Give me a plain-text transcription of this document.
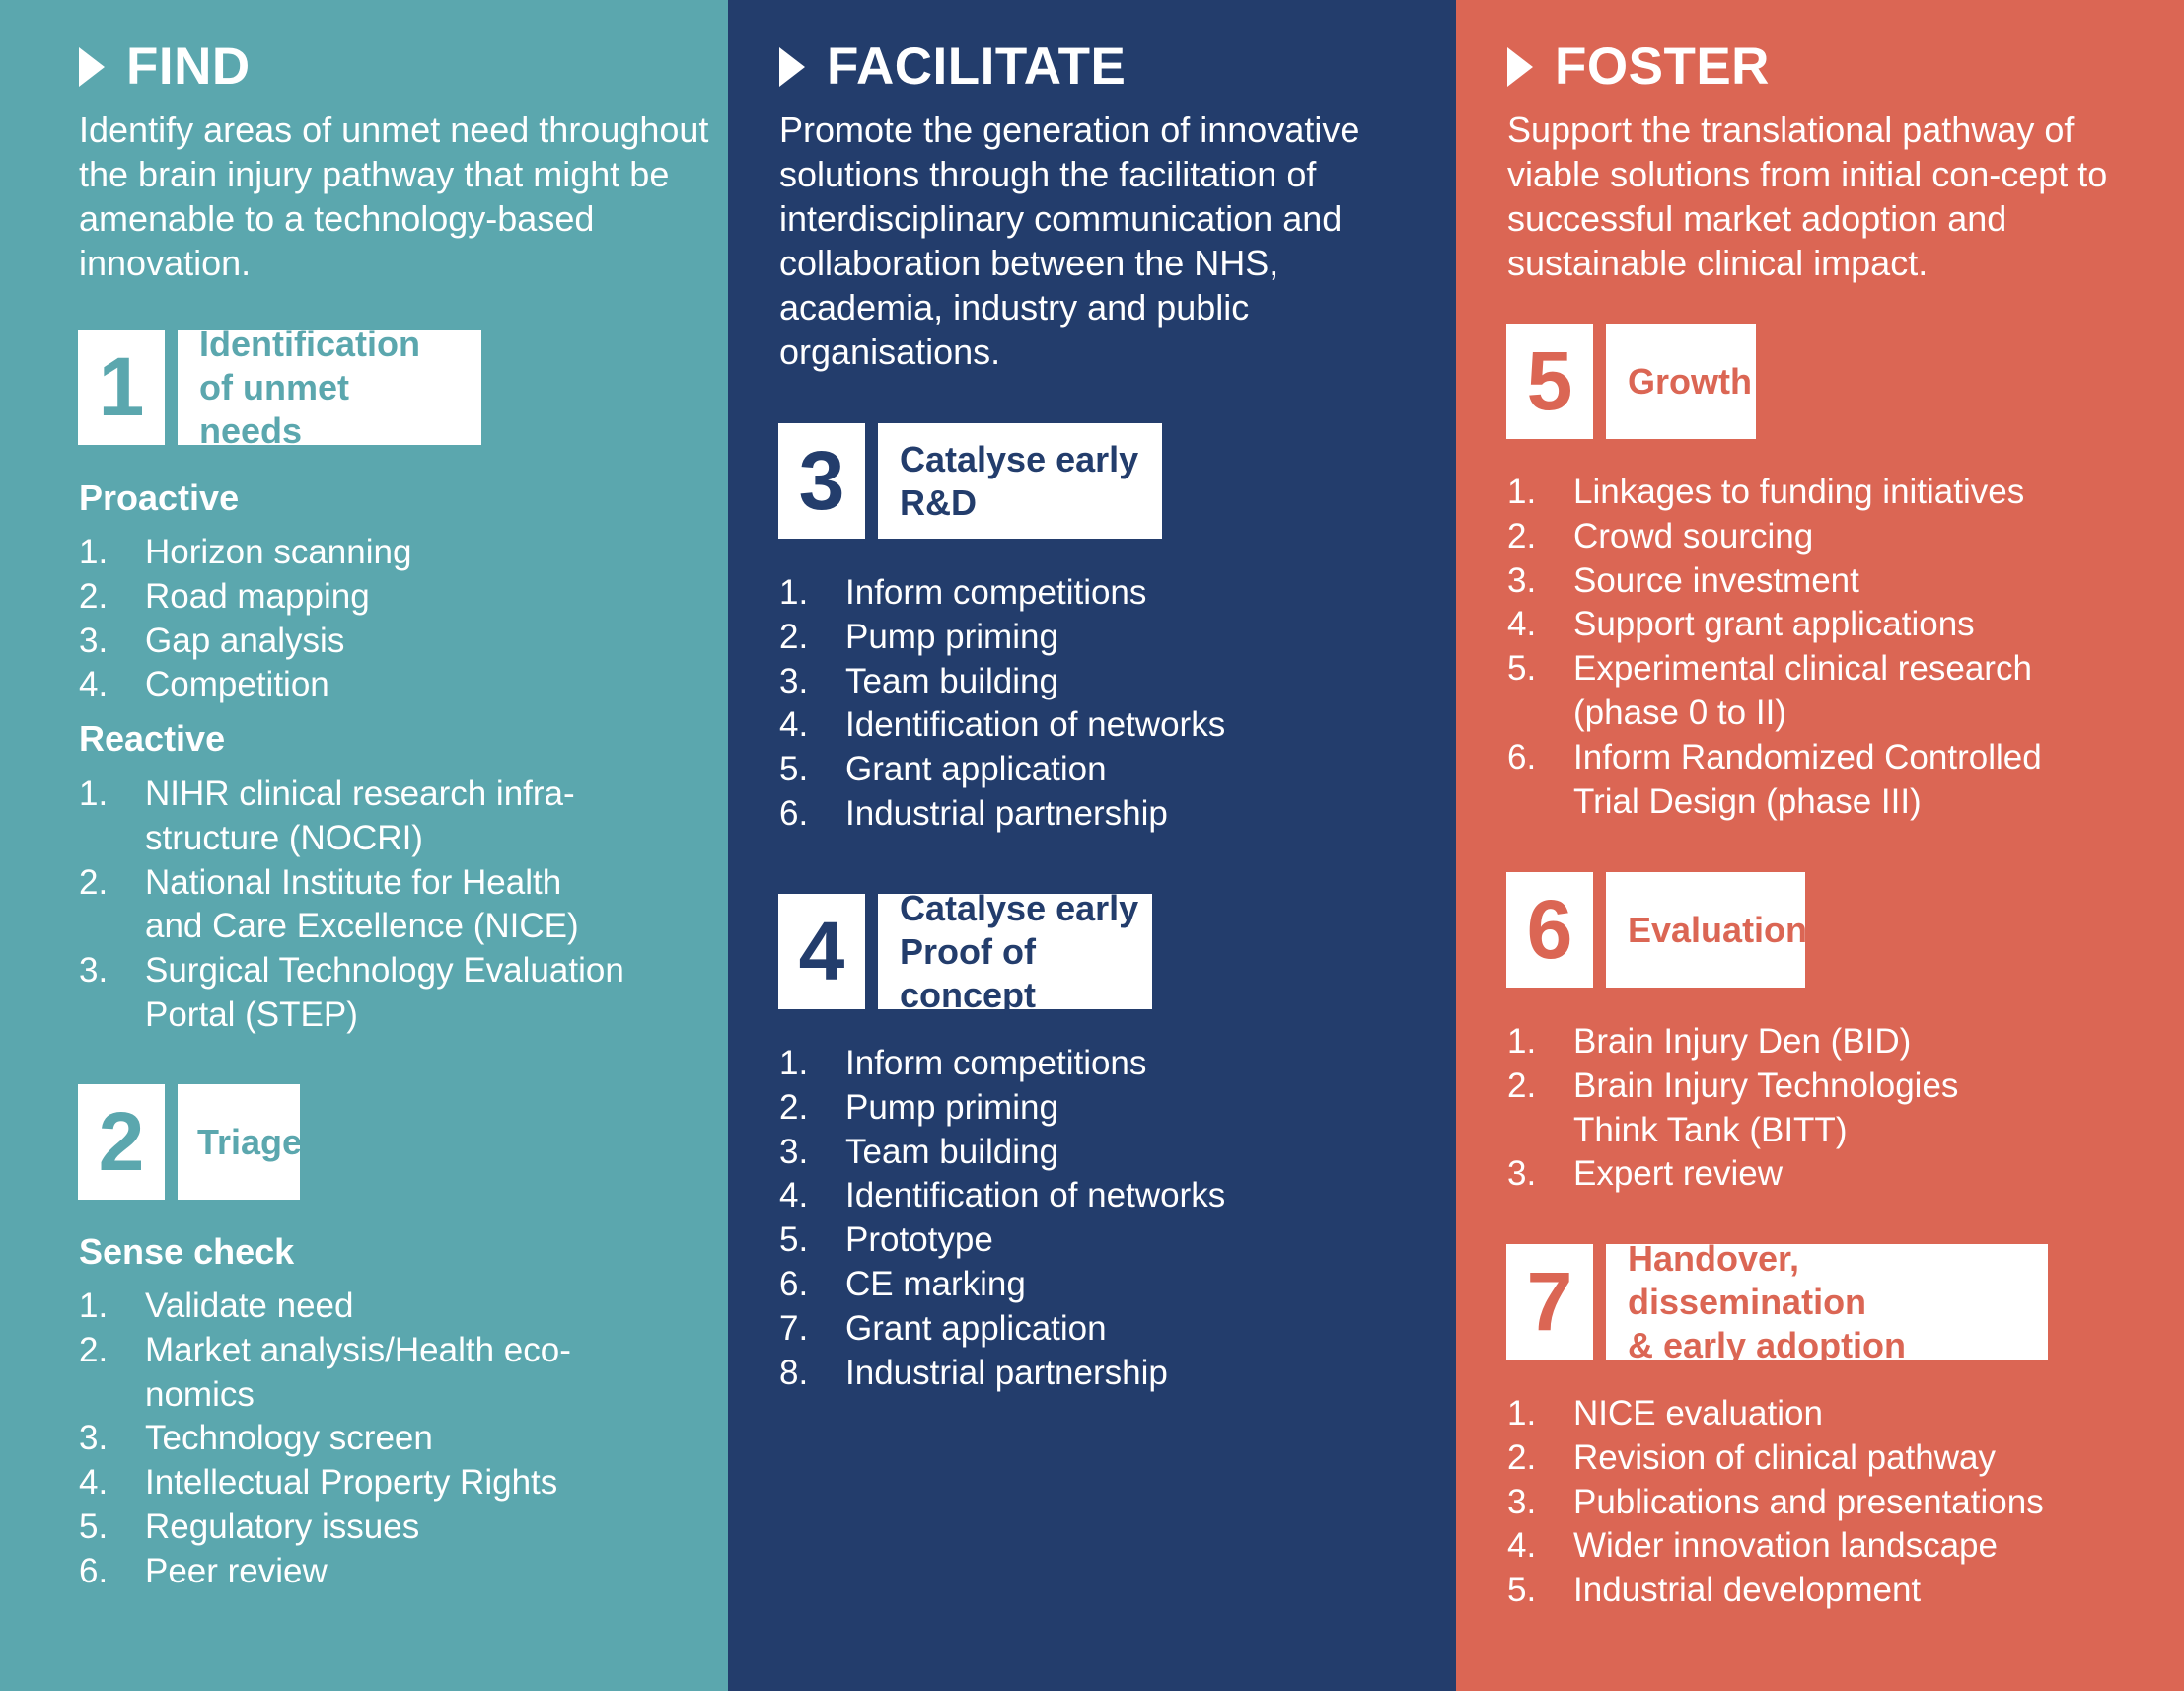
FIND
Identify areas of unmet need throughout the brain injury pathway that might be amenable to a technology-based innovation.
1	Identification
of unmet needs
Proactive
1. Horizon scanning
2. Road mapping
3. Gap analysis
4. Competition
Reactive
1. NIHR clinical research infra-
structure (NOCRI)
2. National Institute for Health
and Care Excellence (NICE)
3. Surgical Technology Evaluation
Portal (STEP)
2	Triage
Sense check
1. Validate need
2. Market analysis/Health eco-
nomics
3. Technology screen
4. Intellectual Property Rights
5. Regulatory issues
6. Peer review
FACILITATE
Promote the generation of innovative solutions through the facilitation of interdisciplinary communication and collaboration between the NHS, academia, industry and public organisations.
3	Catalyse early
R&D
1. Inform competitions
2. Pump priming
3. Team building
4. Identification of networks
5. Grant application
6. Industrial partnership
4	Catalyse early
Proof of concept
1. Inform competitions
2. Pump priming
3. Team building
4. Identification of networks
5. Prototype
6. CE marking
7. Grant application
8. Industrial partnership
FOSTER
Support the translational pathway of viable solutions from initial con-cept to successful market adoption and sustainable clinical impact.
5	Growth
1. Linkages to funding initiatives
2. Crowd sourcing
3. Source investment
4. Support grant applications
5. Experimental clinical research
(phase 0 to II)
6. Inform Randomized Controlled
Trial Design (phase III)
6	Evaluation
1. Brain Injury Den (BID)
2. Brain Injury Technologies
Think Tank (BITT)
3. Expert review
7	Handover, dissemination
& early adoption
1. NICE evaluation
2. Revision of clinical pathway
3. Publications and presentations
4. Wider innovation landscape
5. Industrial development
